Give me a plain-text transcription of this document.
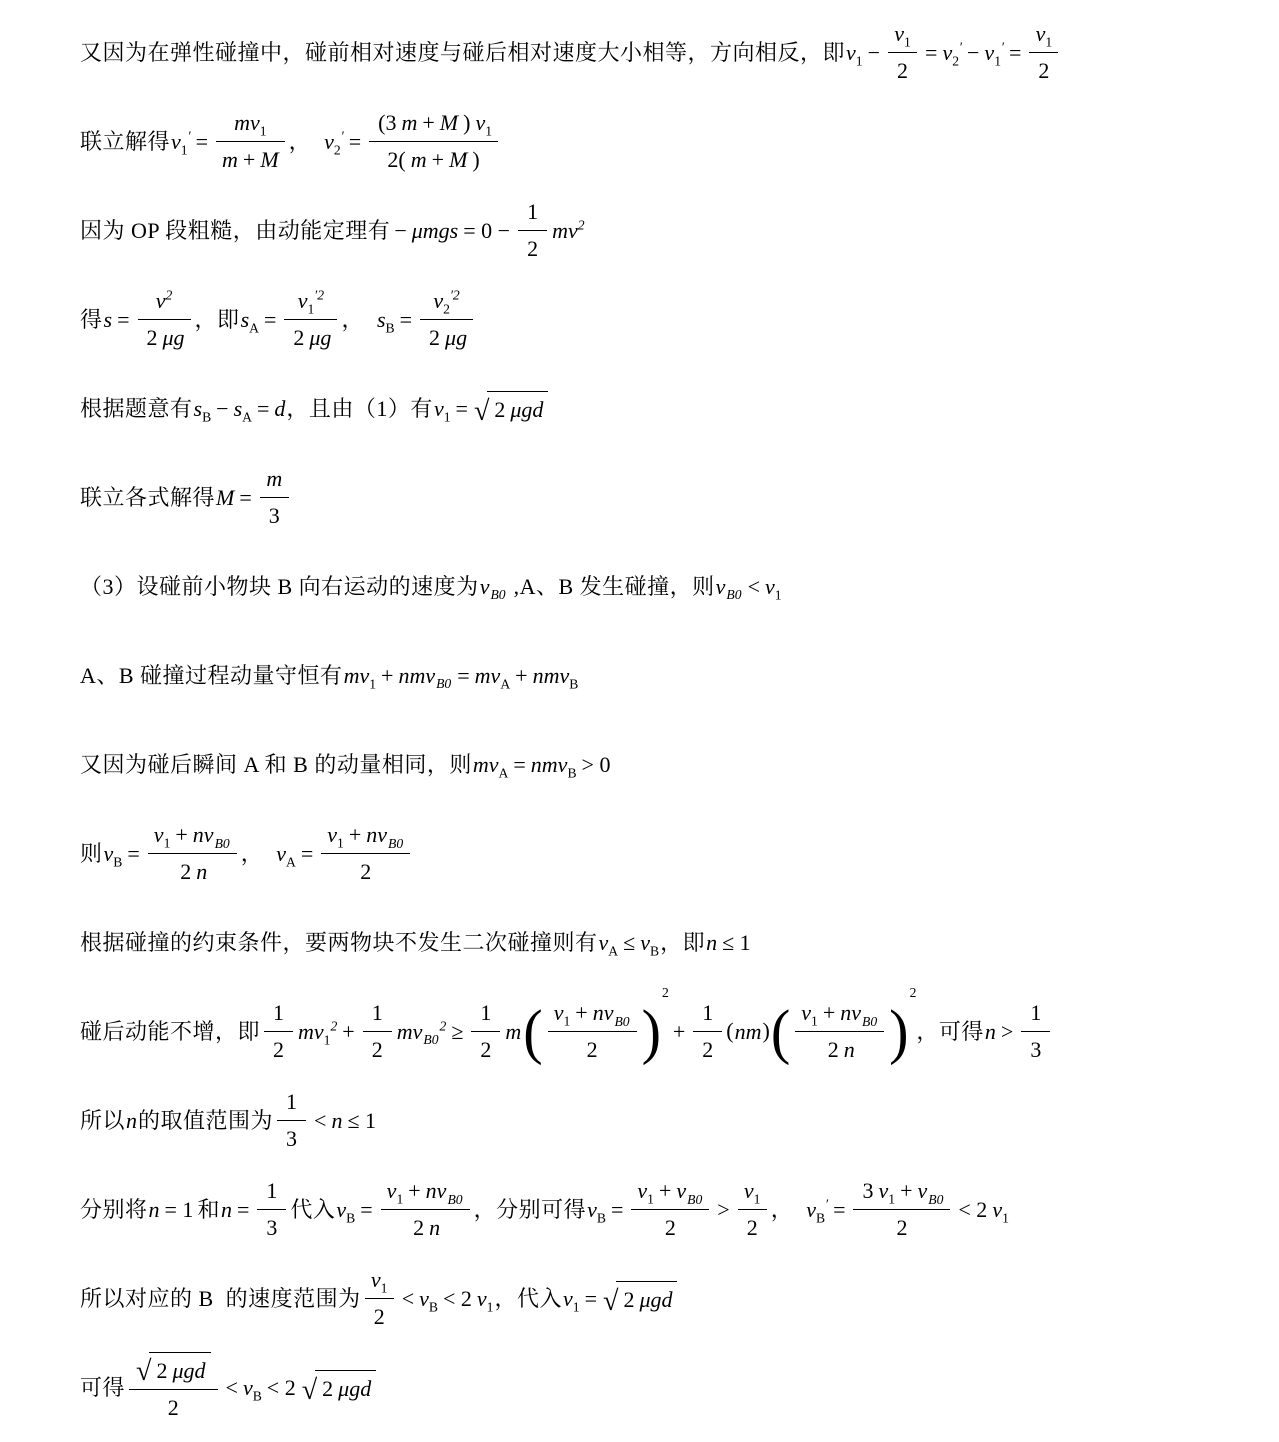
又因为在弹性碰撞中，碰前相对速度与碰后相对速度大小相等，方向相反，即 $v_1 - \frac{v_1}{2} = v_2' - v_1' = \frac{v_1}{2}$
联立解得 $v_1' = \frac{mv_1}{m + M}$ ， $v_2' = \frac{(3 m + M ) v_1}{2( m + M )}$
因为 OP 段粗糙，由动能定理有 − $\mu mgs = 0 - \frac{1}{2} mv^2$
得 $s = \frac{v^2}{2 \mu g}$ ，即 $s_A = \frac{v_1^{'2}}{2 \mu g}$ ， $s_B = \frac{v_2^{'2}}{2 \mu g}$
根据题意有 $s_B - s_A = d$ ，且由（1）有 $v_1$ = √ 2 μgd
联立各式解得 $M = \frac{m}{3}$
（3）设碰前小物块 B 向右运动的速度为 $v_{B0}$ ,A、B 发生碰撞，则 $v_{B0} < v_1$
A、B 碰撞过程动量守恒有 $mv_1 + nmv_{B0} = mv_A + nmv_B$
又因为碰后瞬间 A 和 B 的动量相同，则 $mv_A = nmv_B > 0$
则 $v_B = \frac{v_1 + nv_{B0}}{2 n}$ ， $v_A = \frac{v_1 + nv_{B0}}{2}$
根据碰撞的约束条件，要两物块不发生二次碰撞则有 $v_A \le v_B$ ，即 n ≤ 1
碰后动能不增，即 $\frac{1}{2} mv_1^2 + \frac{1}{2} mv_{B0}^2 \ge \frac{1}{2}$ m ( $\frac{v_1 + nv_{B0}}{2}$ )
2
+ $\frac{1}{2}$ ( nm ) ( $\frac{v_1 + nv_{B0}}{2 n}$ )
2
，可得 $n > \frac{1}{3}$
所以 n 的取值范围为 $\frac{1}{3} < n \le 1$
分别将 n = 1 和 $n = \frac{1}{3}$ 代入 $v_B = \frac{v_1 + nv_{B0}}{2 n}$ ，分别可得 $v_B = \frac{v_1 + v_{B0}}{2} > \frac{v_1}{2}$ ， $v_B' = \frac{3 v_1 + v_{B0}}{2} < 2$ $v_1$
所以对应的 B  的速度范围为 $\frac{v_1}{2} < v_B < 2$ $v_1$ ，代入 $v_1$ = √ 2 μgd
可得 $\frac{\text{√ 2 μgd}}{2} < v_B < 2$ √ 2 μgd
